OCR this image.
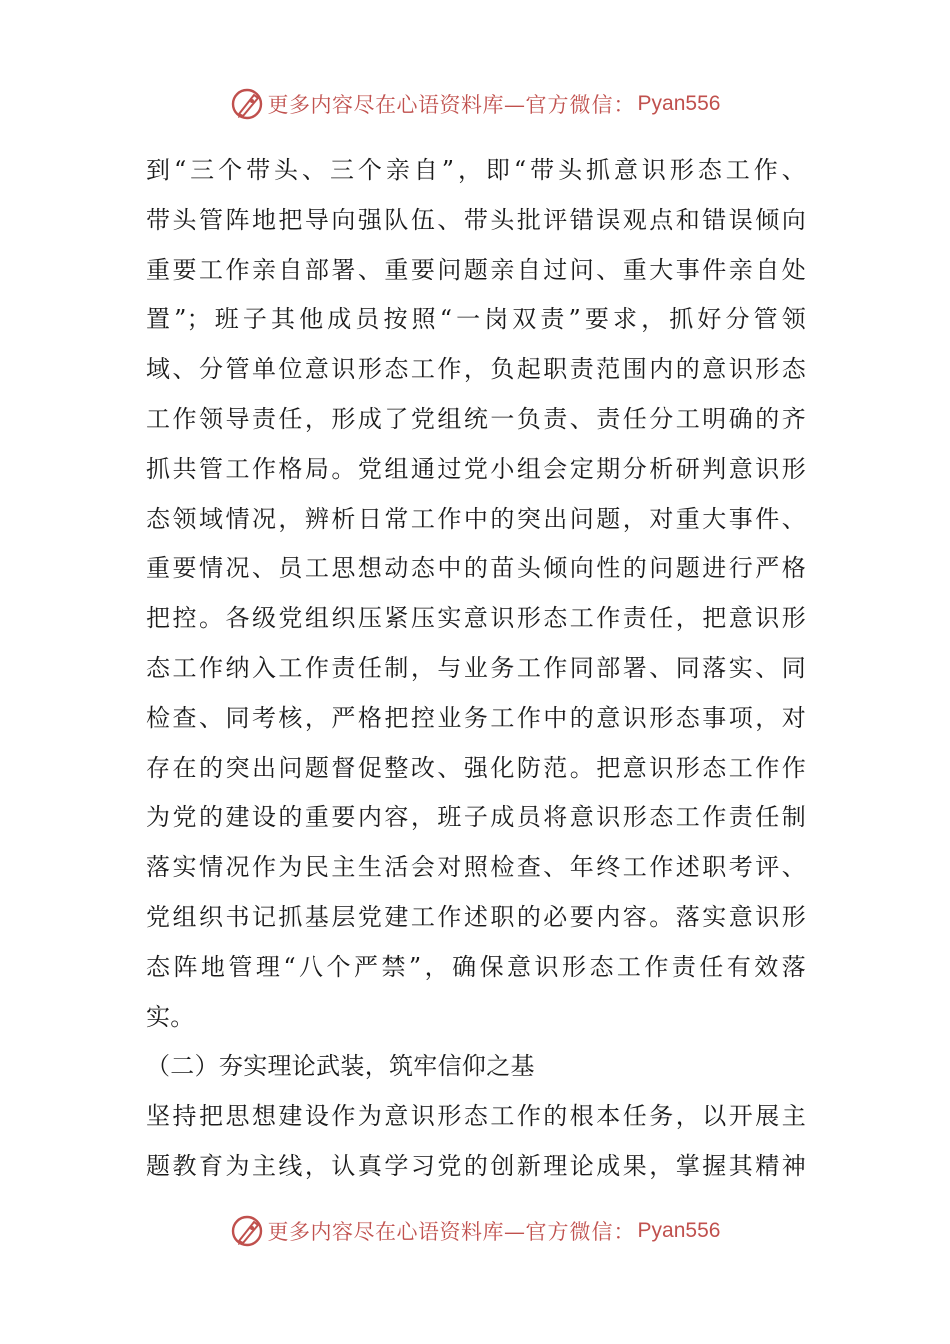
更多内容尽在心语资料库— 官方微信： Pyan556
到“三个带头、三个亲自”，即“带头抓意识形态工作、
带头管阵地把导向强队伍、带头批评错误观点和错误倾向
重要工作亲自部署、重要问题亲自过问、重大事件亲自处
置”；班子其他成员按照“一岗双责”要求，抓好分管领
域、分管单位意识形态工作，负起职责范围内的意识形态
工作领导责任，形成了党组统一负责、责任分工明确的齐
抓共管工作格局。党组通过党小组会定期分析研判意识形
态领域情况，辨析日常工作中的突出问题，对重大事件、
重要情况、员工思想动态中的苗头倾向性的问题进行严格
把控。各级党组织压紧压实意识形态工作责任，把意识形
态工作纳入工作责任制，与业务工作同部署、同落实、同
检查、同考核，严格把控业务工作中的意识形态事项，对
存在的突出问题督促整改、强化防范。把意识形态工作作
为党的建设的重要内容，班子成员将意识形态工作责任制
落实情况作为民主生活会对照检查、年终工作述职考评、
党组织书记抓基层党建工作述职的必要内容。落实意识形
态阵地管理“八个严禁”，确保意识形态工作责任有效落
实。
（二）夯实理论武装，筑牢信仰之基
坚持把思想建设作为意识形态工作的根本任务，以开展主
题教育为主线，认真学习党的创新理论成果，掌握其精神
更多内容尽在心语资料库— 官方微信： Pyan556
